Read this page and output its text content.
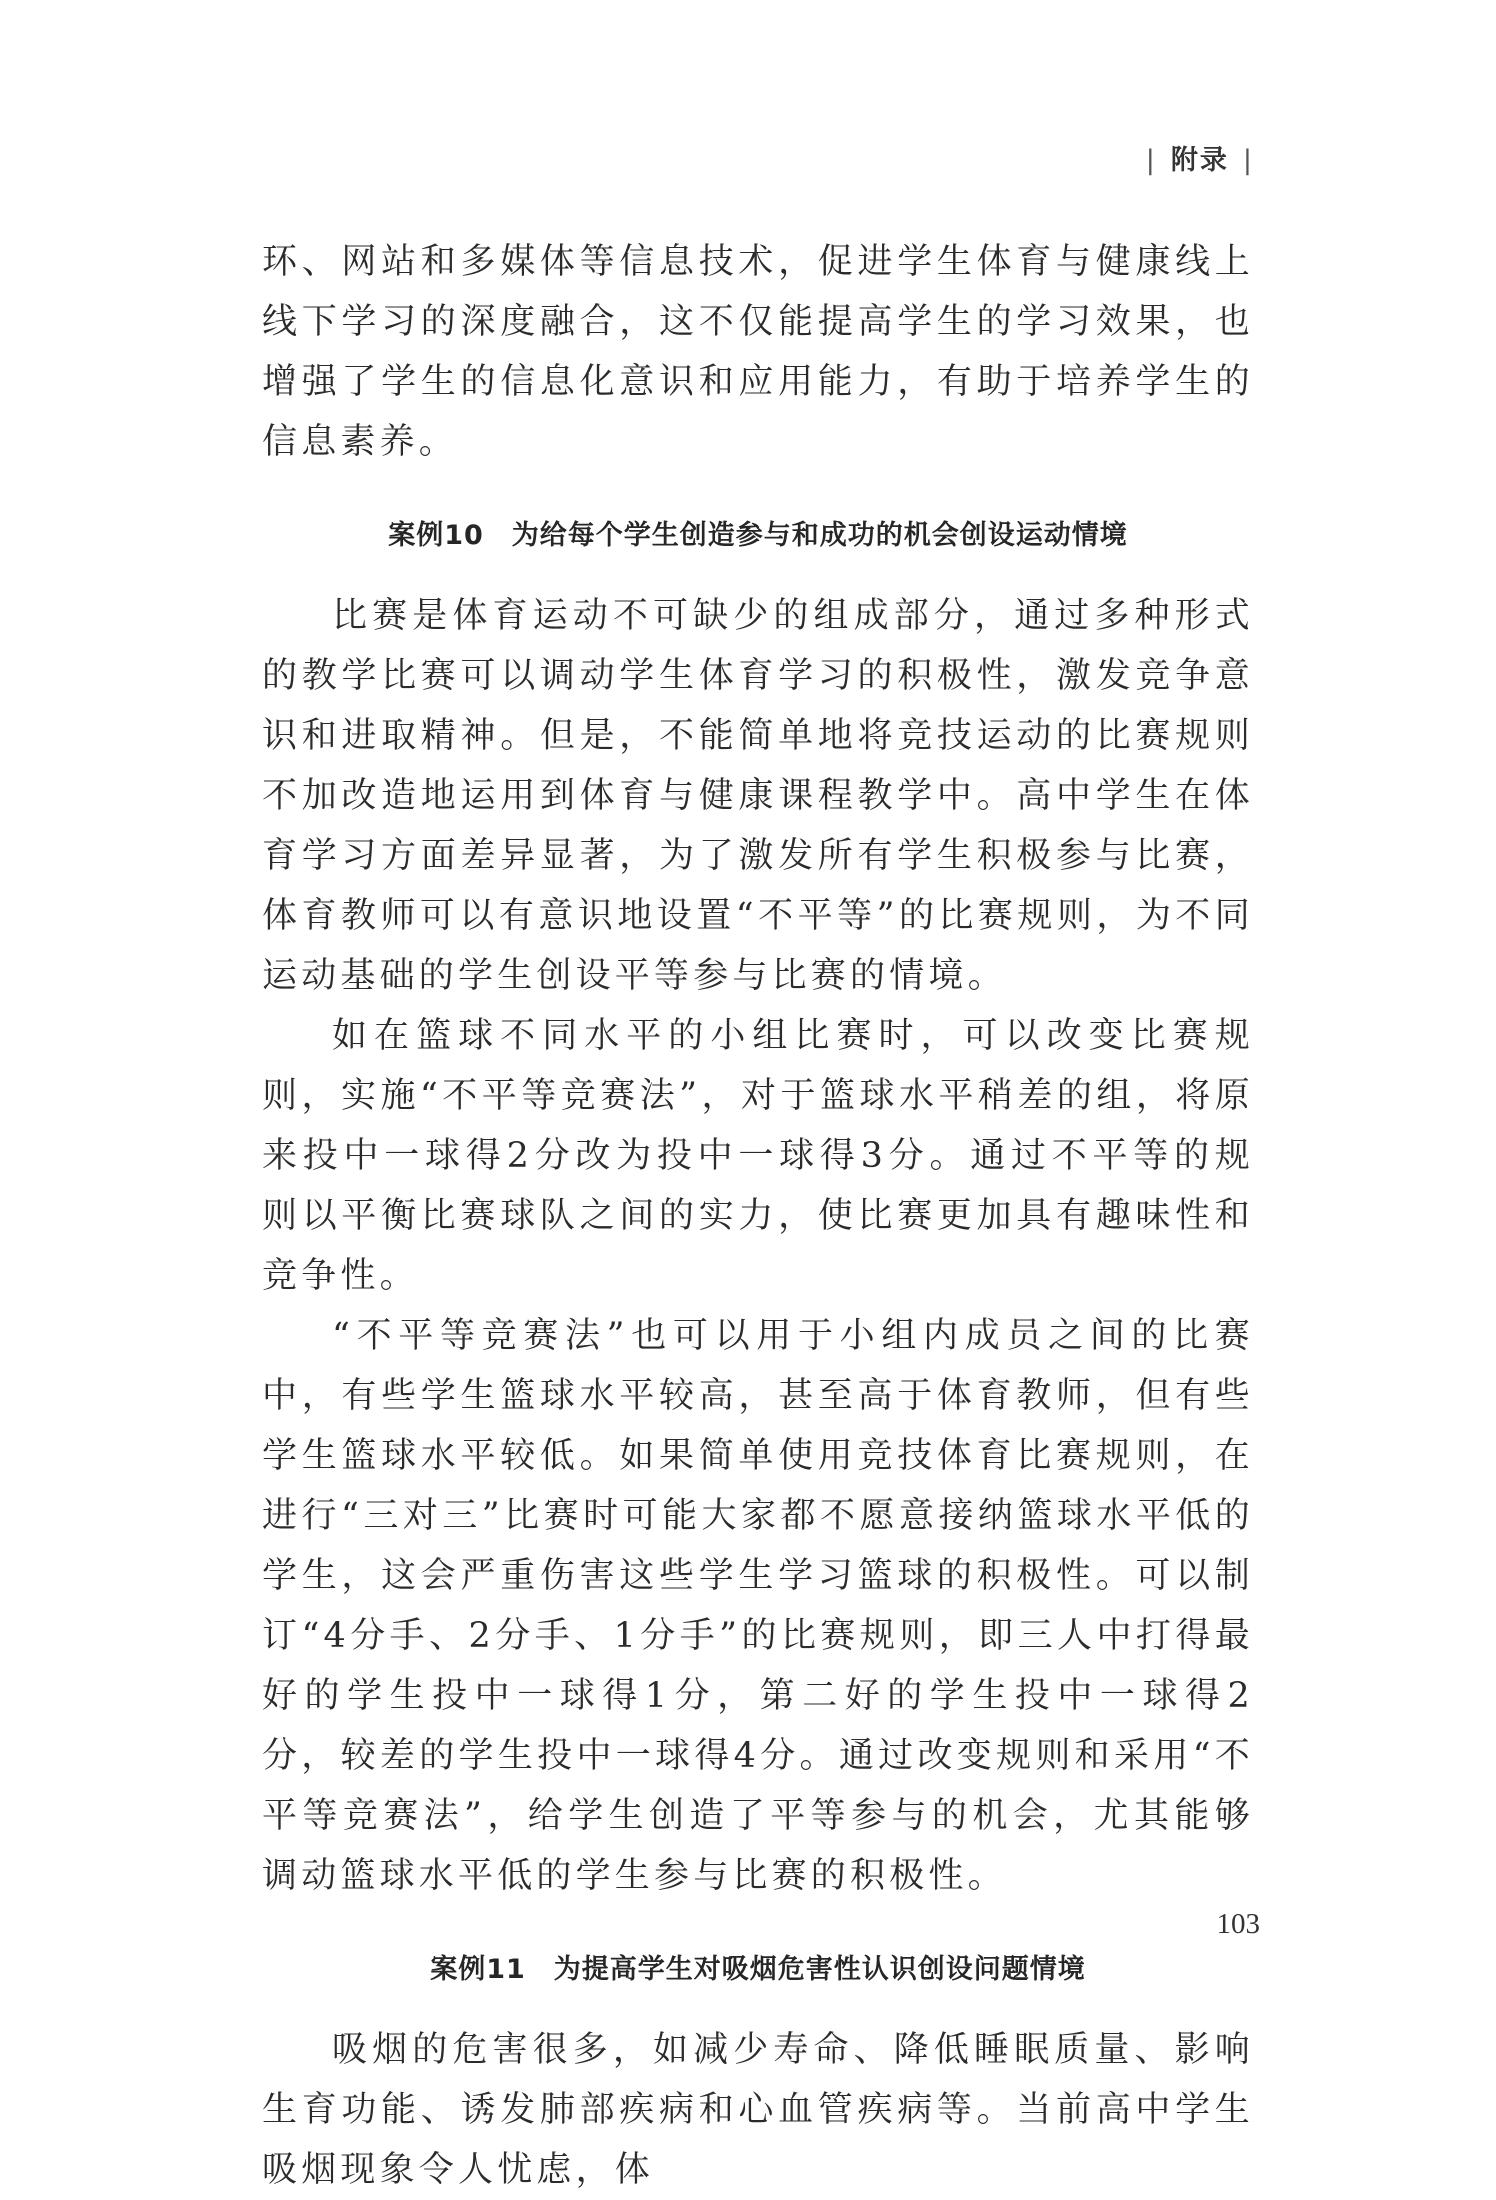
| 附录 |

环、网站和多媒体等信息技术，促进学生体育与健康线上线下学习的深度融合，这不仅能提高学生的学习效果，也增强了学生的信息化意识和应用能力，有助于培养学生的信息素养。

案例10 为给每个学生创造参与和成功的机会创设运动情境

比赛是体育运动不可缺少的组成部分，通过多种形式的教学比赛可以调动学生体育学习的积极性，激发竞争意识和进取精神。但是，不能简单地将竞技运动的比赛规则不加改造地运用到体育与健康课程教学中。高中学生在体育学习方面差异显著，为了激发所有学生积极参与比赛，体育教师可以有意识地设置“不平等”的比赛规则，为不同运动基础的学生创设平等参与比赛的情境。

如在篮球不同水平的小组比赛时，可以改变比赛规则，实施“不平等竞赛法”，对于篮球水平稍差的组，将原来投中一球得2分改为投中一球得3分。通过不平等的规则以平衡比赛球队之间的实力，使比赛更加具有趣味性和竞争性。

“不平等竞赛法”也可以用于小组内成员之间的比赛中，有些学生篮球水平较高，甚至高于体育教师，但有些学生篮球水平较低。如果简单使用竞技体育比赛规则，在进行“三对三”比赛时可能大家都不愿意接纳篮球水平低的学生，这会严重伤害这些学生学习篮球的积极性。可以制订“4分手、2分手、1分手”的比赛规则，即三人中打得最好的学生投中一球得1分，第二好的学生投中一球得2分，较差的学生投中一球得4分。通过改变规则和采用“不平等竞赛法”，给学生创造了平等参与的机会，尤其能够调动篮球水平低的学生参与比赛的积极性。

案例11 为提高学生对吸烟危害性认识创设问题情境

吸烟的危害很多，如减少寿命、降低睡眠质量、影响生育功能、诱发肺部疾病和心血管疾病等。当前高中学生吸烟现象令人忧虑，体

103
